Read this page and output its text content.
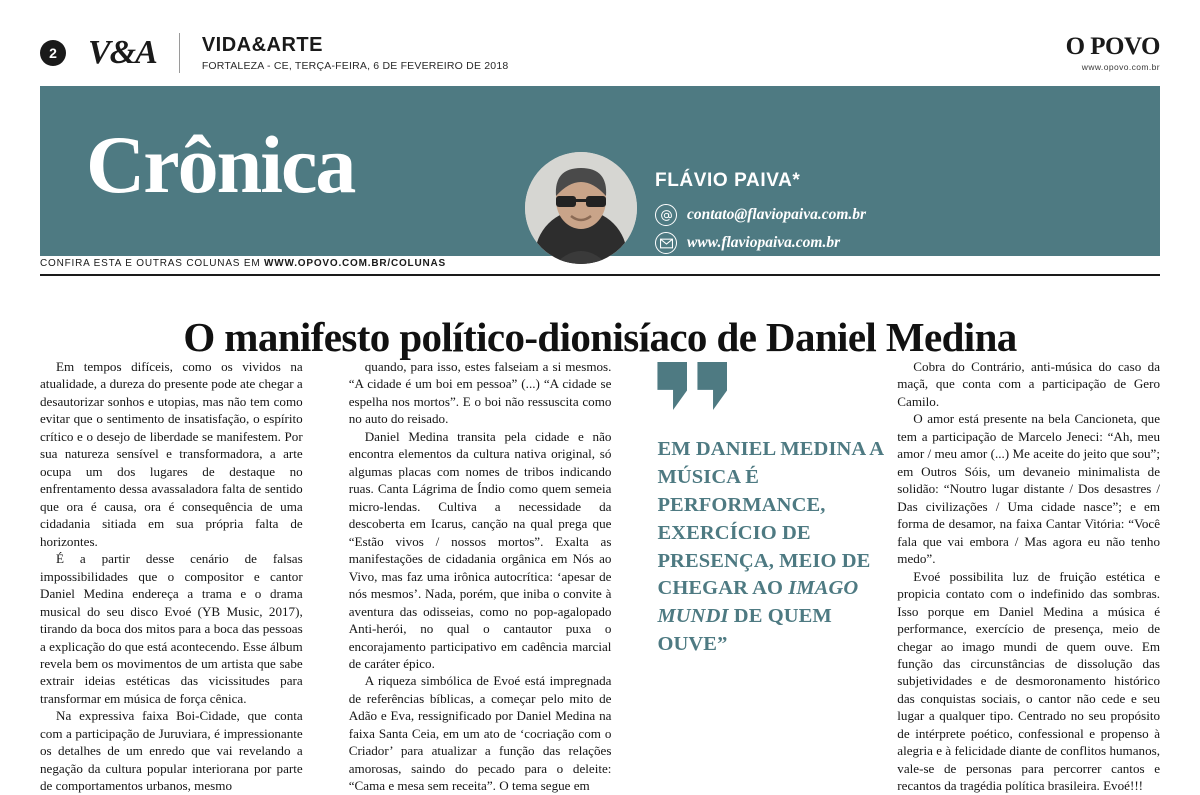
2 V&A	VIDA&ARTE
FORTALEZA - CE, TERÇA-FEIRA, 6 DE FEVEREIRO DE 2018
O POVO
www.opovo.com.br
Crônica	FLÁVIO PAIVA*
contato@flaviopaiva.com.br
www.flaviopaiva.com.br
*ESCREVE ÀS TERÇAS
CONFIRA ESTA E OUTRAS COLUNAS EM WWW.OPOVO.COM.BR/COLUNAS
O manifesto político-dionisíaco de Daniel Medina

Em tempos difíceis, como os vividos na atualidade, a dureza do presente pode ate chegar a desautorizar sonhos e utopias, mas não tem como evitar que o sentimento de insatisfação, o espírito crítico e o desejo de liberdade se manifestem. Por sua natureza sensível e transformadora, a arte ocupa um dos lugares de destaque no enfrentamento dessa avassaladora falta de sentido que ora é causa, ora é consequência de uma cidadania sitiada em sua própria falta de horizontes.

É a partir desse cenário de falsas impossibilidades que o compositor e cantor Daniel Medina endereça a trama e o drama musical do seu disco Evoé (YB Music, 2017), tirando da boca dos mitos para a boca das pessoas a explicação do que está acontecendo. Esse álbum revela bem os movimentos de um artista que sabe extrair ideias estéticas das vicissitudes para transformar em música de força cênica.

Na expressiva faixa Boi-Cidade, que conta com a participação de Juruviara, é impressionante os detalhes de um enredo que vai revelando a negação da cultura popular interiorana por parte de comportamentos urbanos, mesmo

quando, para isso, estes falseiam a si mesmos. “A cidade é um boi em pessoa” (...) “A cidade se espelha nos mortos”. E o boi não ressuscita como no auto do reisado.

Daniel Medina transita pela cidade e não encontra elementos da cultura nativa original, só algumas placas com nomes de tribos indicando ruas. Canta Lágrima de Índio como quem semeia micro-lendas. Cultiva a necessidade da descoberta em Icarus, canção na qual prega que “Estão vivos / nossos mortos”. Exalta as manifestações de cidadania orgânica em Nós ao Vivo, mas faz uma irônica autocrítica: ‘apesar de nós mesmos’. Nada, porém, que iniba o convite à aventura das odisseias, como no pop-agalopado Anti-herói, no qual o cantautor puxa o encorajamento participativo em cadência marcial de caráter épico.

A riqueza simbólica de Evoé está impregnada de referências bíblicas, a começar pelo mito de Adão e Eva, ressignificado por Daniel Medina na faixa Santa Ceia, em um ato de ‘cocriação com o Criador’ para atualizar a função das relações amorosas, saindo do pecado para o deleite: “Cama e mesa sem receita”. O tema segue em

EM DANIEL MEDINA A MÚSICA É PERFORMANCE, EXERCÍCIO DE PRESENÇA, MEIO DE CHEGAR AO IMAGO MUNDI DE QUEM OUVE”

Cobra do Contrário, anti-música do caso da maçã, que conta com a participação de Gero Camilo.

O amor está presente na bela Cancioneta, que tem a participação de Marcelo Jeneci: “Ah, meu amor / meu amor (...) Me aceite do jeito que sou”; em Outros Sóis, um devaneio minimalista de solidão: “Noutro lugar distante / Dos desastres / Das civilizações / Uma cidade nasce”; e em forma de desamor, na faixa Cantar Vitória: “Você fala que vai embora / Mas agora eu não tenho medo”.

Evoé possibilita luz de fruição estética e propicia contato com o indefinido das sombras. Isso porque em Daniel Medina a música é performance, exercício de presença, meio de chegar ao imago mundi de quem ouve. Em função das circunstâncias de dissolução das subjetividades e de desmoronamento histórico das conquistas sociais, o cantor não cede e seu lugar a qualquer tipo. Centrado no seu propósito de intérprete poético, confessional e propenso à alegria e à felicidade diante de conflitos humanos, vale-se de personas para percorrer cantos e recantos da tragédia política brasileira. Evoé!!!
